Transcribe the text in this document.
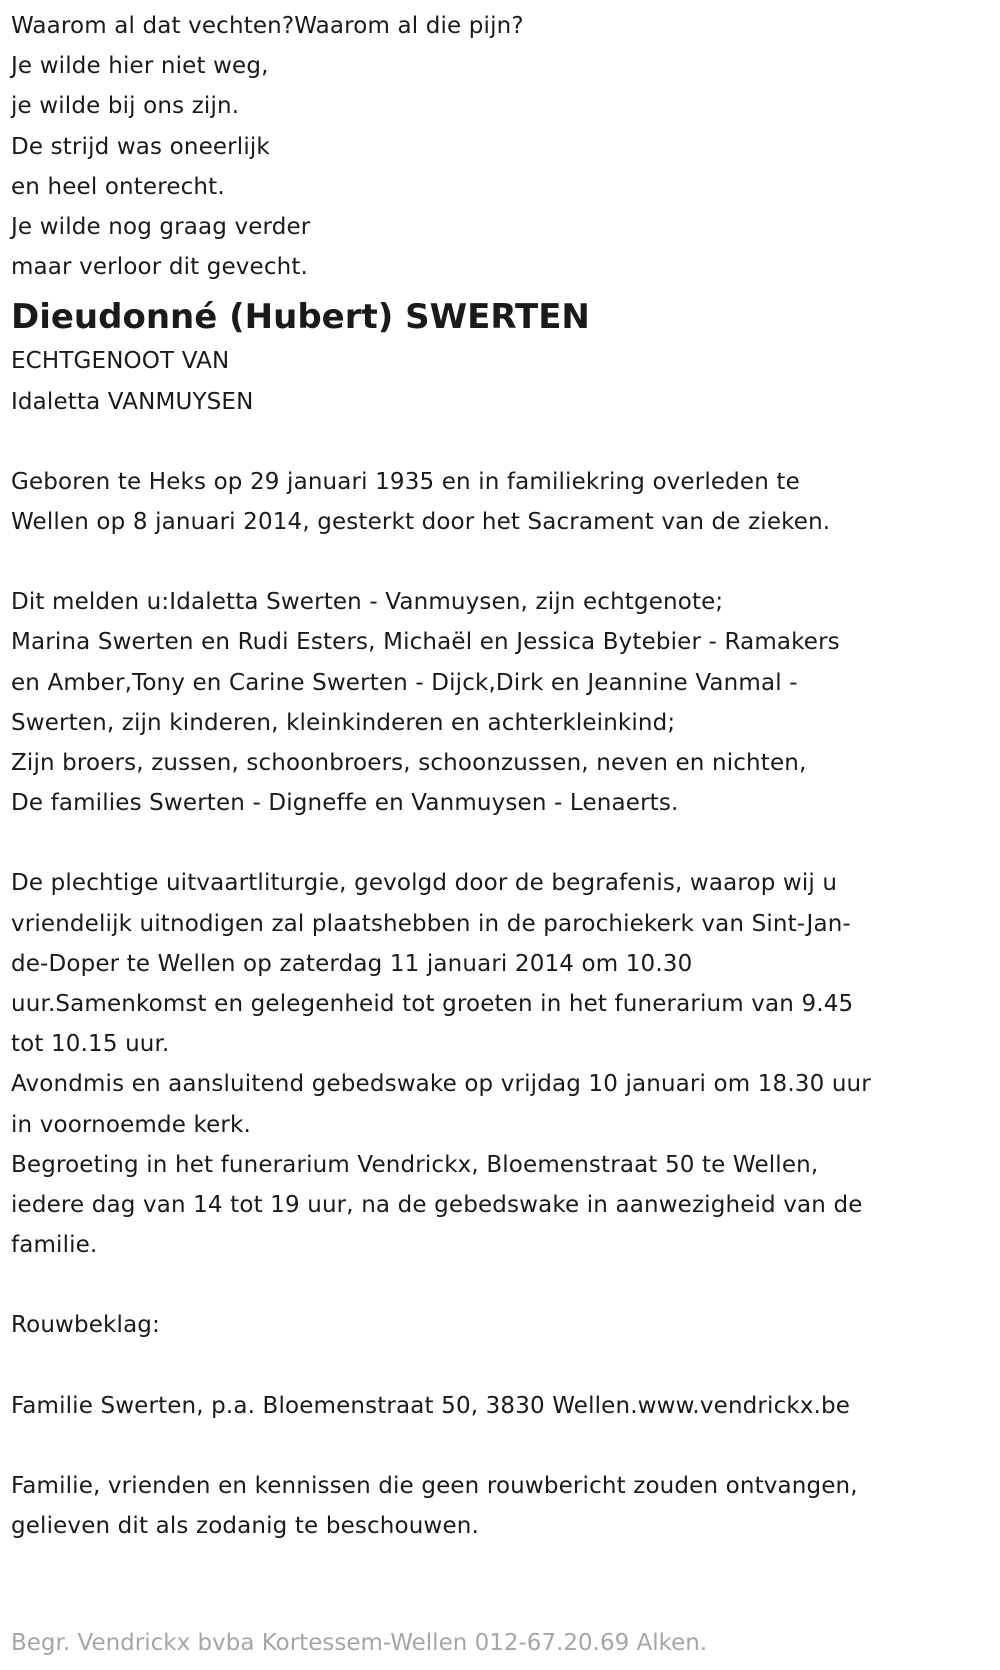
Waarom al dat vechten?Waarom al die pijn?
Je wilde hier niet weg,
je wilde bij ons zijn.
De strijd was oneerlijk
en heel onterecht.
Je wilde nog graag verder
maar verloor dit gevecht.
Dieudonné (Hubert) SWERTEN
ECHTGENOOT VAN
Idaletta VANMUYSEN
Geboren te Heks op 29 januari 1935 en in familiekring overleden te
Wellen op 8 januari 2014, gesterkt door het Sacrament van de zieken.
Dit melden u:Idaletta Swerten - Vanmuysen, zijn echtgenote;
Marina Swerten en Rudi Esters, Michaël en Jessica Bytebier - Ramakers
en Amber,Tony en Carine Swerten - Dijck,Dirk en Jeannine Vanmal -
Swerten, zijn kinderen, kleinkinderen en achterkleinkind;
Zijn broers, zussen, schoonbroers, schoonzussen, neven en nichten,
De families Swerten - Digneffe en Vanmuysen - Lenaerts.
De plechtige uitvaartliturgie, gevolgd door de begrafenis, waarop wij u
vriendelijk uitnodigen zal plaatshebben in de parochiekerk van Sint-Jan-
de-Doper te Wellen op zaterdag 11 januari 2014 om 10.30
uur.Samenkomst en gelegenheid tot groeten in het funerarium van 9.45
tot 10.15 uur.
Avondmis en aansluitend gebedswake op vrijdag 10 januari om 18.30 uur
in voornoemde kerk.
Begroeting in het funerarium Vendrickx, Bloemenstraat 50 te Wellen,
iedere dag van 14 tot 19 uur, na de gebedswake in aanwezigheid van de
familie.
Rouwbeklag:
Familie Swerten, p.a. Bloemenstraat 50, 3830 Wellen.www.vendrickx.be
Familie, vrienden en kennissen die geen rouwbericht zouden ontvangen,
gelieven dit als zodanig te beschouwen.
Begr. Vendrickx bvba Kortessem-Wellen 012-67.20.69 Alken.
